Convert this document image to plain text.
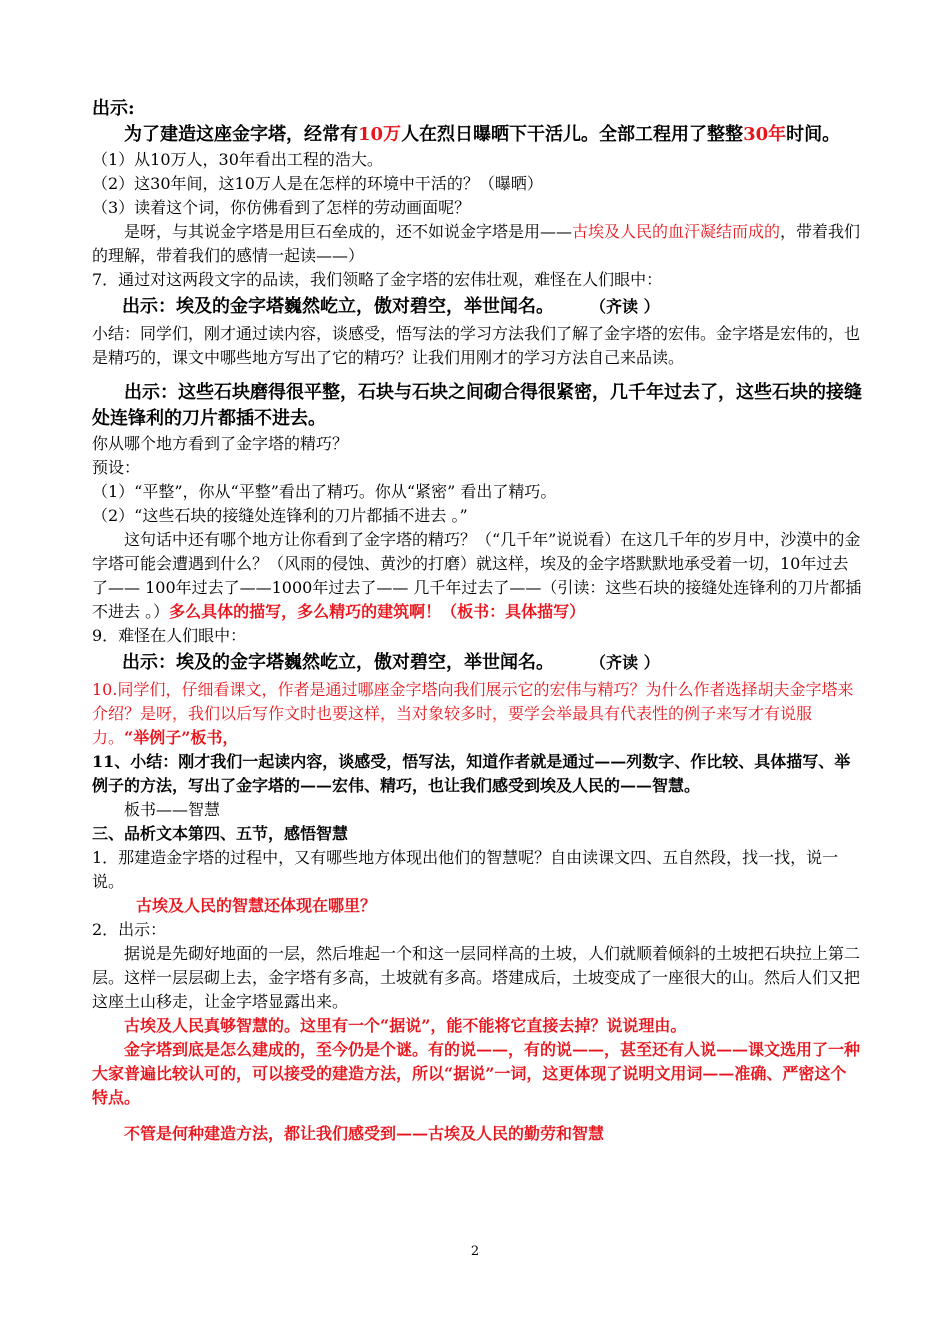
出示:

为了建造这座金字塔，经常有10万人在烈日曝晒下干活儿。全部工程用了整整30年时间。

（1）从10万人，30年看出工程的浩大。

（2）这30年间，这10万人是在怎样的环境中干活的？（曝晒）

（3）读着这个词，你仿佛看到了怎样的劳动画面呢？

是呀，与其说金字塔是用巨石垒成的，还不如说金字塔是用——古埃及人民的血汗凝结而成的，带着我们的理解，带着我们的感情一起读——）

7．通过对这两段文字的品读，我们领略了金字塔的宏伟壮观，难怪在人们眼中：

出示：埃及的金字塔巍然屹立，傲对碧空，举世闻名。	（齐读 ）

小结：同学们，刚才通过读内容，谈感受，悟写法的学习方法我们了解了金字塔的宏伟。金字塔是宏伟的，也是精巧的，课文中哪些地方写出了它的精巧？让我们用刚才的学习方法自己来品读。

出示：这些石块磨得很平整，石块与石块之间砌合得很紧密，几千年过去了，这些石块的接缝处连锋利的刀片都插不进去。

你从哪个地方看到了金字塔的精巧？

预设：

（1）“平整”，你从“平整”看出了精巧。你从“紧密” 看出了精巧。

（2）“这些石块的接缝处连锋利的刀片都插不进去 。”

这句话中还有哪个地方让你看到了金字塔的精巧？（“几千年”说说看）在这几千年的岁月中，沙漠中的金字塔可能会遭遇到什么？（风雨的侵蚀、黄沙的打磨）就这样，埃及的金字塔默默地承受着一切，10年过去了—— 100年过去了——1000年过去了—— 几千年过去了——（引读：这些石块的接缝处连锋利的刀片都插不进去 。）多么具体的描写，多么精巧的建筑啊！（板书：具体描写）

9．难怪在人们眼中：

出示：埃及的金字塔巍然屹立，傲对碧空，举世闻名。	（齐读 ）

10.同学们，仔细看课文，作者是通过哪座金字塔向我们展示它的宏伟与精巧？为什么作者选择胡夫金字塔来介绍？是呀，我们以后写作文时也要这样，当对象较多时，要学会举最具有代表性的例子来写才有说服力。“举例子”板书，

11、小结：刚才我们一起读内容，谈感受，悟写法，知道作者就是通过——列数字、作比较、具体描写、举例子的方法，写出了金字塔的——宏伟、精巧，也让我们感受到埃及人民的——智慧。

板书——智慧

三、品析文本第四、五节，感悟智慧

1．那建造金字塔的过程中，又有哪些地方体现出他们的智慧呢？自由读课文四、五自然段，找一找，说一说。

古埃及人民的智慧还体现在哪里？

2．出示：

据说是先砌好地面的一层，然后堆起一个和这一层同样高的土坡，人们就顺着倾斜的土坡把石块拉上第二层。这样一层层砌上去，金字塔有多高，土坡就有多高。塔建成后，土坡变成了一座很大的山。然后人们又把这座土山移走，让金字塔显露出来。

古埃及人民真够智慧的。这里有一个“据说”，能不能将它直接去掉？说说理由。

金字塔到底是怎么建成的，至今仍是个谜。有的说——，有的说——，甚至还有人说——课文选用了一种大家普遍比较认可的，可以接受的建造方法，所以“据说”一词，这更体现了说明文用词——准确、严密这个特点。

不管是何种建造方法，都让我们感受到——古埃及人民的勤劳和智慧

2
